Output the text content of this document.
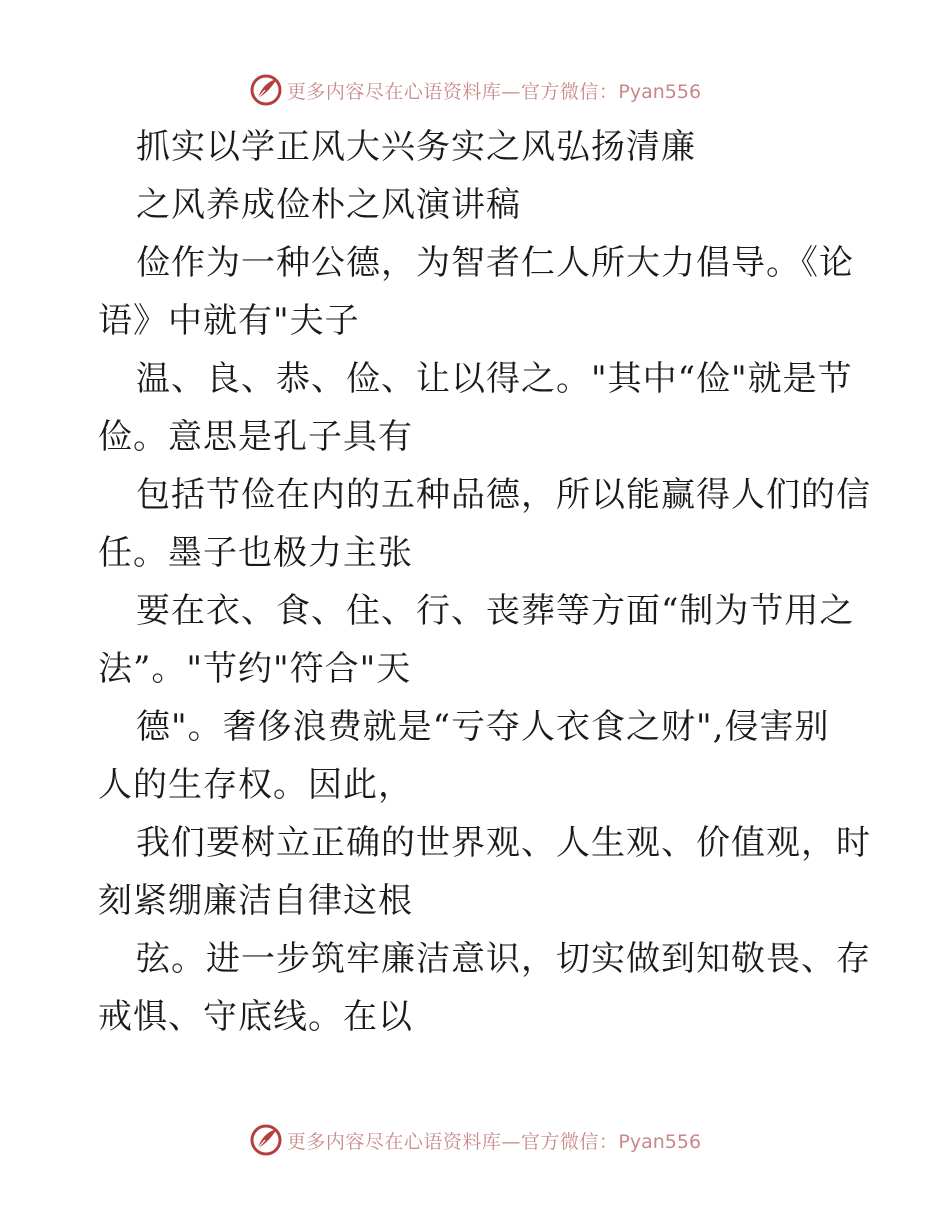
更多内容尽在心语资料库—官方微信：Pyan556
抓实以学正风大兴务实之风弘扬清廉
之风养成俭朴之风演讲稿
俭作为一种公德，为智者仁人所大力倡导。《论
语》中就有"夫子
温、良、恭、俭、让以得之。"其中“俭"就是节
俭。意思是孔子具有
包括节俭在内的五种品德，所以能赢得人们的信
任。墨子也极力主张
要在衣、食、住、行、丧葬等方面“制为节用之
法”。"节约"符合"天
德"。奢侈浪费就是“亏夺人衣食之财",侵害别
人的生存权。因此，
我们要树立正确的世界观、人生观、价值观，时
刻紧绷廉洁自律这根
弦。进一步筑牢廉洁意识，切实做到知敬畏、存
戒惧、守底线。在以
更多内容尽在心语资料库—官方微信：Pyan556
